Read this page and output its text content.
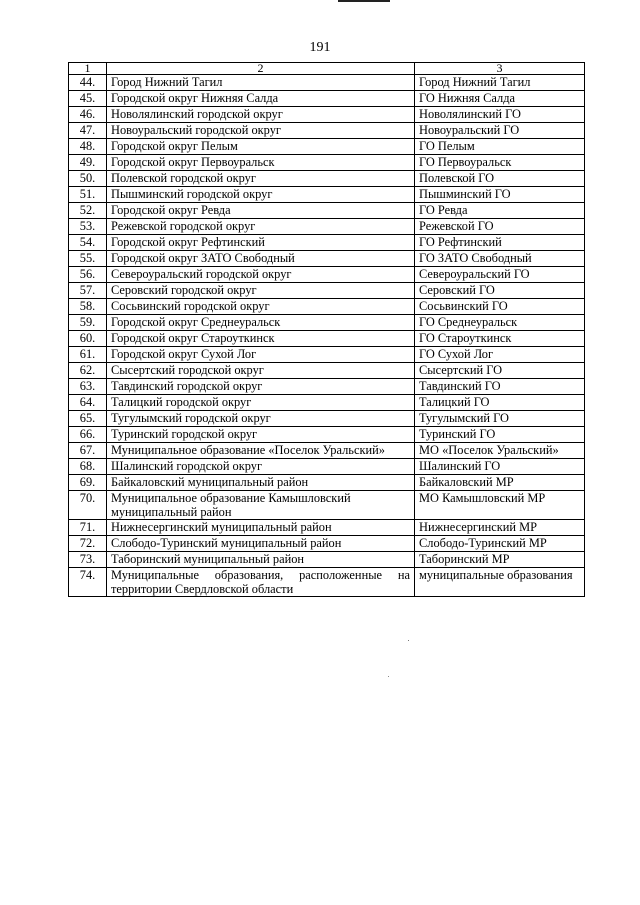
191
1	2	3
44.	Город Нижний Тагил	Город Нижний Тагил
45.	Городской округ Нижняя Салда	ГО Нижняя Салда
46.	Новолялинский городской округ	Новолялинский ГО
47.	Новоуральский городской округ	Новоуральский ГО
48.	Городской округ Пелым	ГО Пелым
49.	Городской округ Первоуральск	ГО Первоуральск
50.	Полевской городской округ	Полевской ГО
51.	Пышминский городской округ	Пышминский ГО
52.	Городской округ Ревда	ГО Ревда
53.	Режевской городской округ	Режевской ГО
54.	Городской округ Рефтинский	ГО Рефтинский
55.	Городской округ ЗАТО Свободный	ГО ЗАТО Свободный
56.	Североуральский городской округ	Североуральский ГО
57.	Серовский городской округ	Серовский ГО
58.	Сосьвинский городской округ	Сосьвинский ГО
59.	Городской округ Среднеуральск	ГО Среднеуральск
60.	Городской округ Староуткинск	ГО Староуткинск
61.	Городской округ Сухой Лог	ГО Сухой Лог
62.	Сысертский городской округ	Сысертский ГО
63.	Тавдинский городской округ	Тавдинский ГО
64.	Талицкий городской округ	Талицкий ГО
65.	Тугулымский городской округ	Тугулымский ГО
66.	Туринский городской округ	Туринский ГО
67.	Муниципальное образование «Поселок Уральский»	МО «Поселок Уральский»
68.	Шалинский городской округ	Шалинский ГО
69.	Байкаловский муниципальный район	Байкаловский МР
70.	Муниципальное образование Камышловский муниципальный район	МО Камышловский МР
71.	Нижнесергинский муниципальный район	Нижнесергинский МР
72.	Слободо-Туринский муниципальный район	Слободо-Туринский МР
73.	Таборинский муниципальный район	Таборинский МР
74.	Муниципальные образования, расположенные на территории Свердловской области	муниципальные образования
